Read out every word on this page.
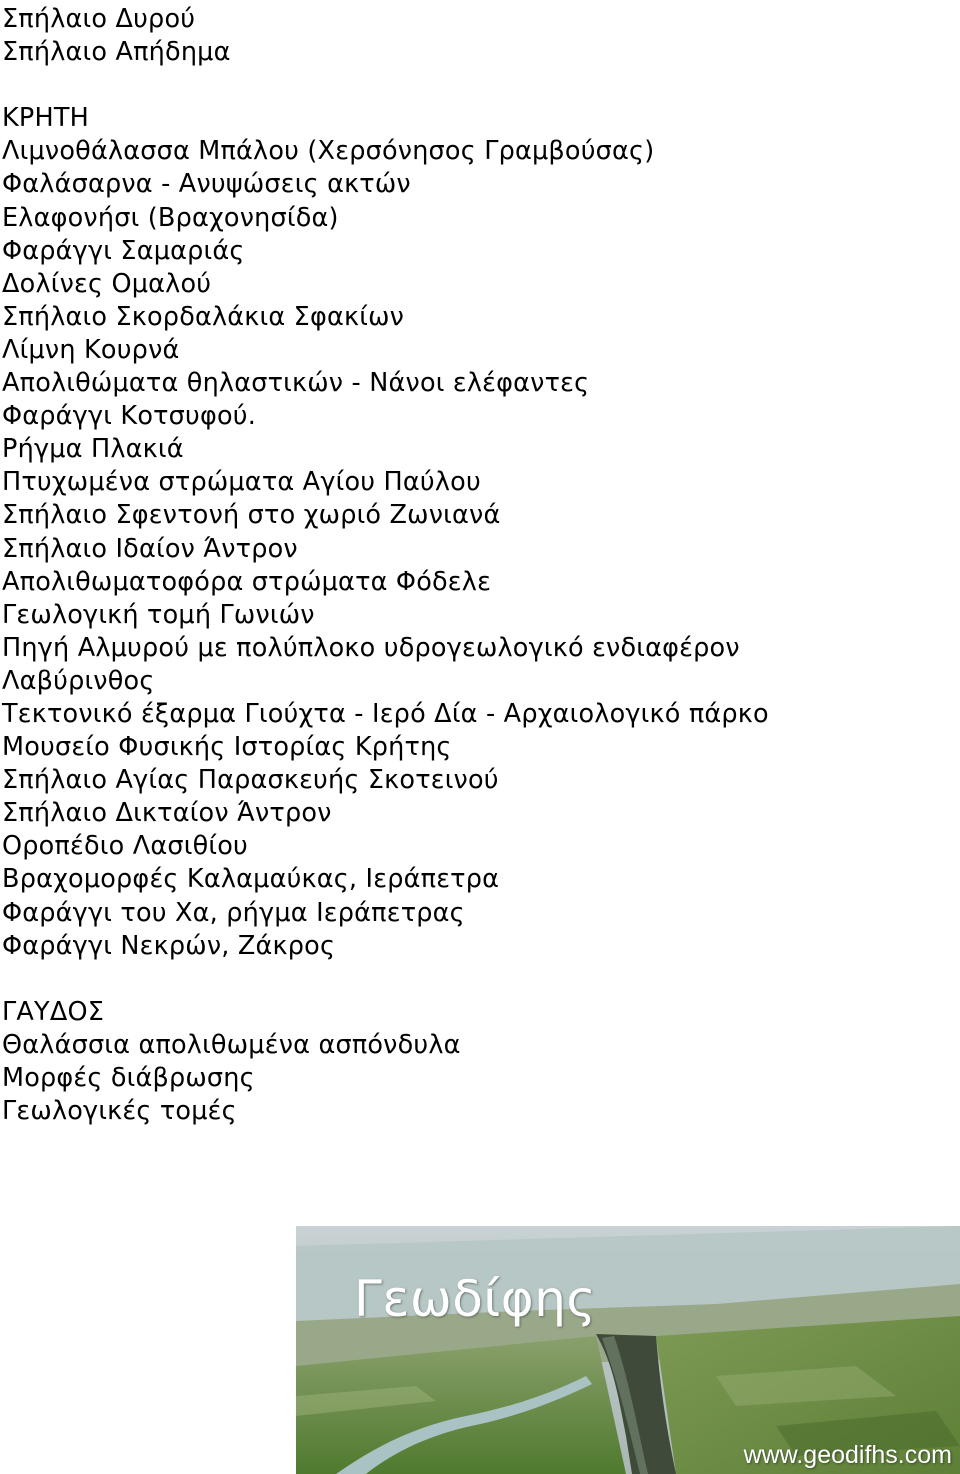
Σπήλαιο Δυρού
Σπήλαιο Απήδημα
ΚΡΗΤΗ
Λιμνοθάλασσα Μπάλου (Χερσόνησος Γραμβούσας)
Φαλάσαρνα - Ανυψώσεις ακτών
Ελαφονήσι (Βραχονησίδα)
Φαράγγι Σαμαριάς
Δολίνες Ομαλού
Σπήλαιο Σκορδαλάκια Σφακίων
Λίμνη Κουρνά
Απολιθώματα θηλαστικών - Νάνοι ελέφαντες
Φαράγγι Κοτσυφού.
Ρήγμα Πλακιά
Πτυχωμένα στρώματα Αγίου Παύλου
Σπήλαιο Σφεντονή στο χωριό Ζωνιανά
Σπήλαιο Ιδαίον Άντρον
Απολιθωματοφόρα στρώματα Φόδελε
Γεωλογική τομή Γωνιών
Πηγή Αλμυρού με πολύπλοκο υδρογεωλογικό ενδιαφέρον
Λαβύρινθος
Τεκτονικό έξαρμα Γιούχτα - Ιερό Δία - Αρχαιολογικό πάρκο
Μουσείο Φυσικής Ιστορίας Κρήτης
Σπήλαιο Αγίας Παρασκευής Σκοτεινού
Σπήλαιο Δικταίον Άντρον
Οροπέδιο Λασιθίου
Βραχομορφές Καλαμαύκας, Ιεράπετρα
Φαράγγι του Χα, ρήγμα Ιεράπετρας
Φαράγγι Νεκρών, Ζάκρος
ΓΑΥΔΟΣ
Θαλάσσια απολιθωμένα ασπόνδυλα
Μορφές διάβρωσης
Γεωλογικές τομές
Γεωδίφης
www.geodifhs.com
